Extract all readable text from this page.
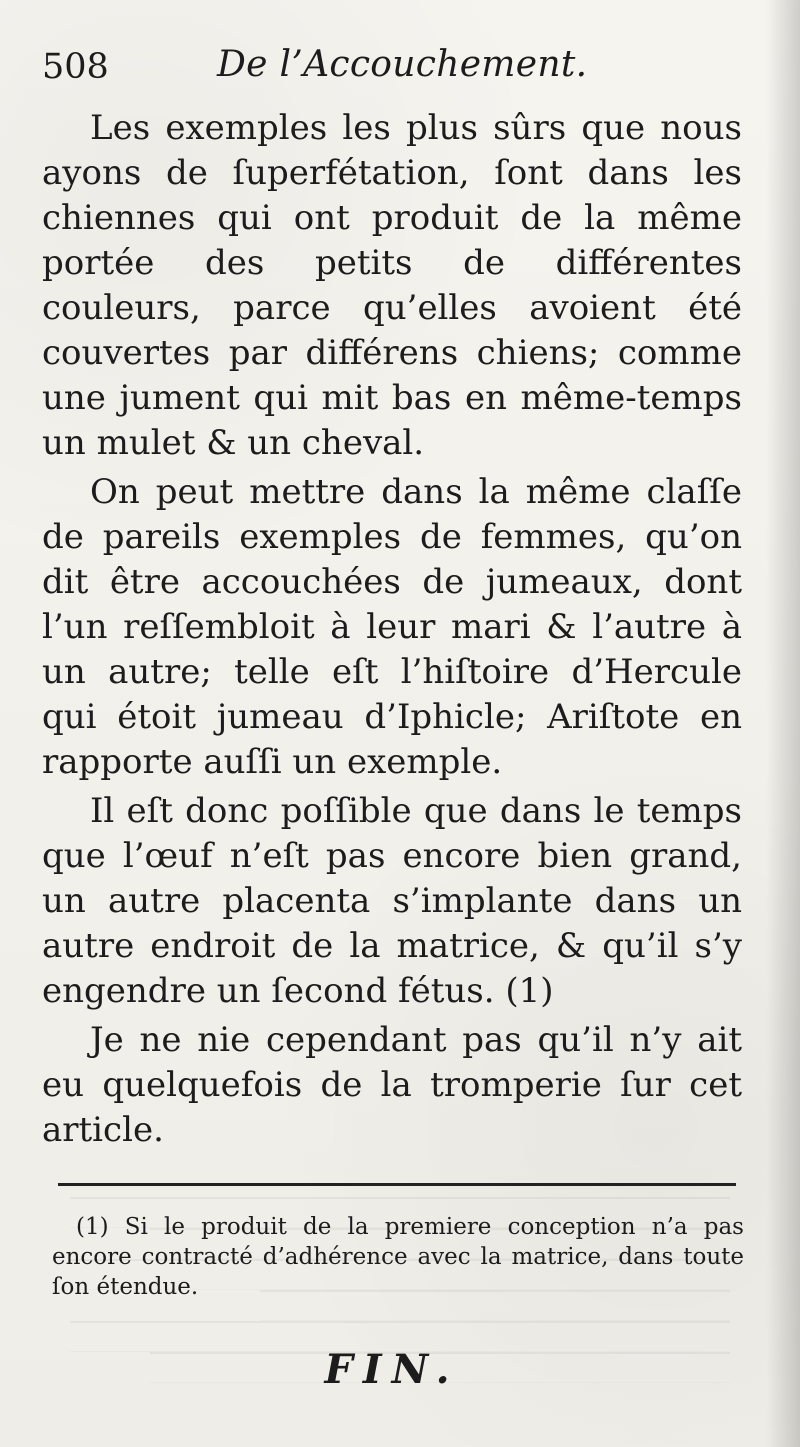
508	De l’Accouchement.

Les exemples les plus sûrs que nous ayons de ſuperfétation, ſont dans les chiennes qui ont produit de la même portée des petits de différentes couleurs, parce qu’elles avoient été couvertes par différens chiens; comme une jument qui mit bas en même-temps un mulet & un cheval.

On peut mettre dans la même claſſe de pareils exemples de femmes, qu’on dit être accouchées de jumeaux, dont l’un reſſembloit à leur mari & l’autre à un autre; telle eſt l’hiſtoire d’Hercule qui étoit jumeau d’Iphicle; Ariſtote en rapporte auſſi un exemple.

Il eſt donc poſſible que dans le temps que l’œuf n’eſt pas encore bien grand, un autre placenta s’implante dans un autre endroit de la matrice, & qu’il s’y engendre un ſecond fétus. (1)

Je ne nie cependant pas qu’il n’y ait eu quelquefois de la tromperie ſur cet article.

(1) Si le produit de la premiere conception n’a pas encore contracté d’adhérence avec la matrice, dans toute ſon étendue.
FIN.
